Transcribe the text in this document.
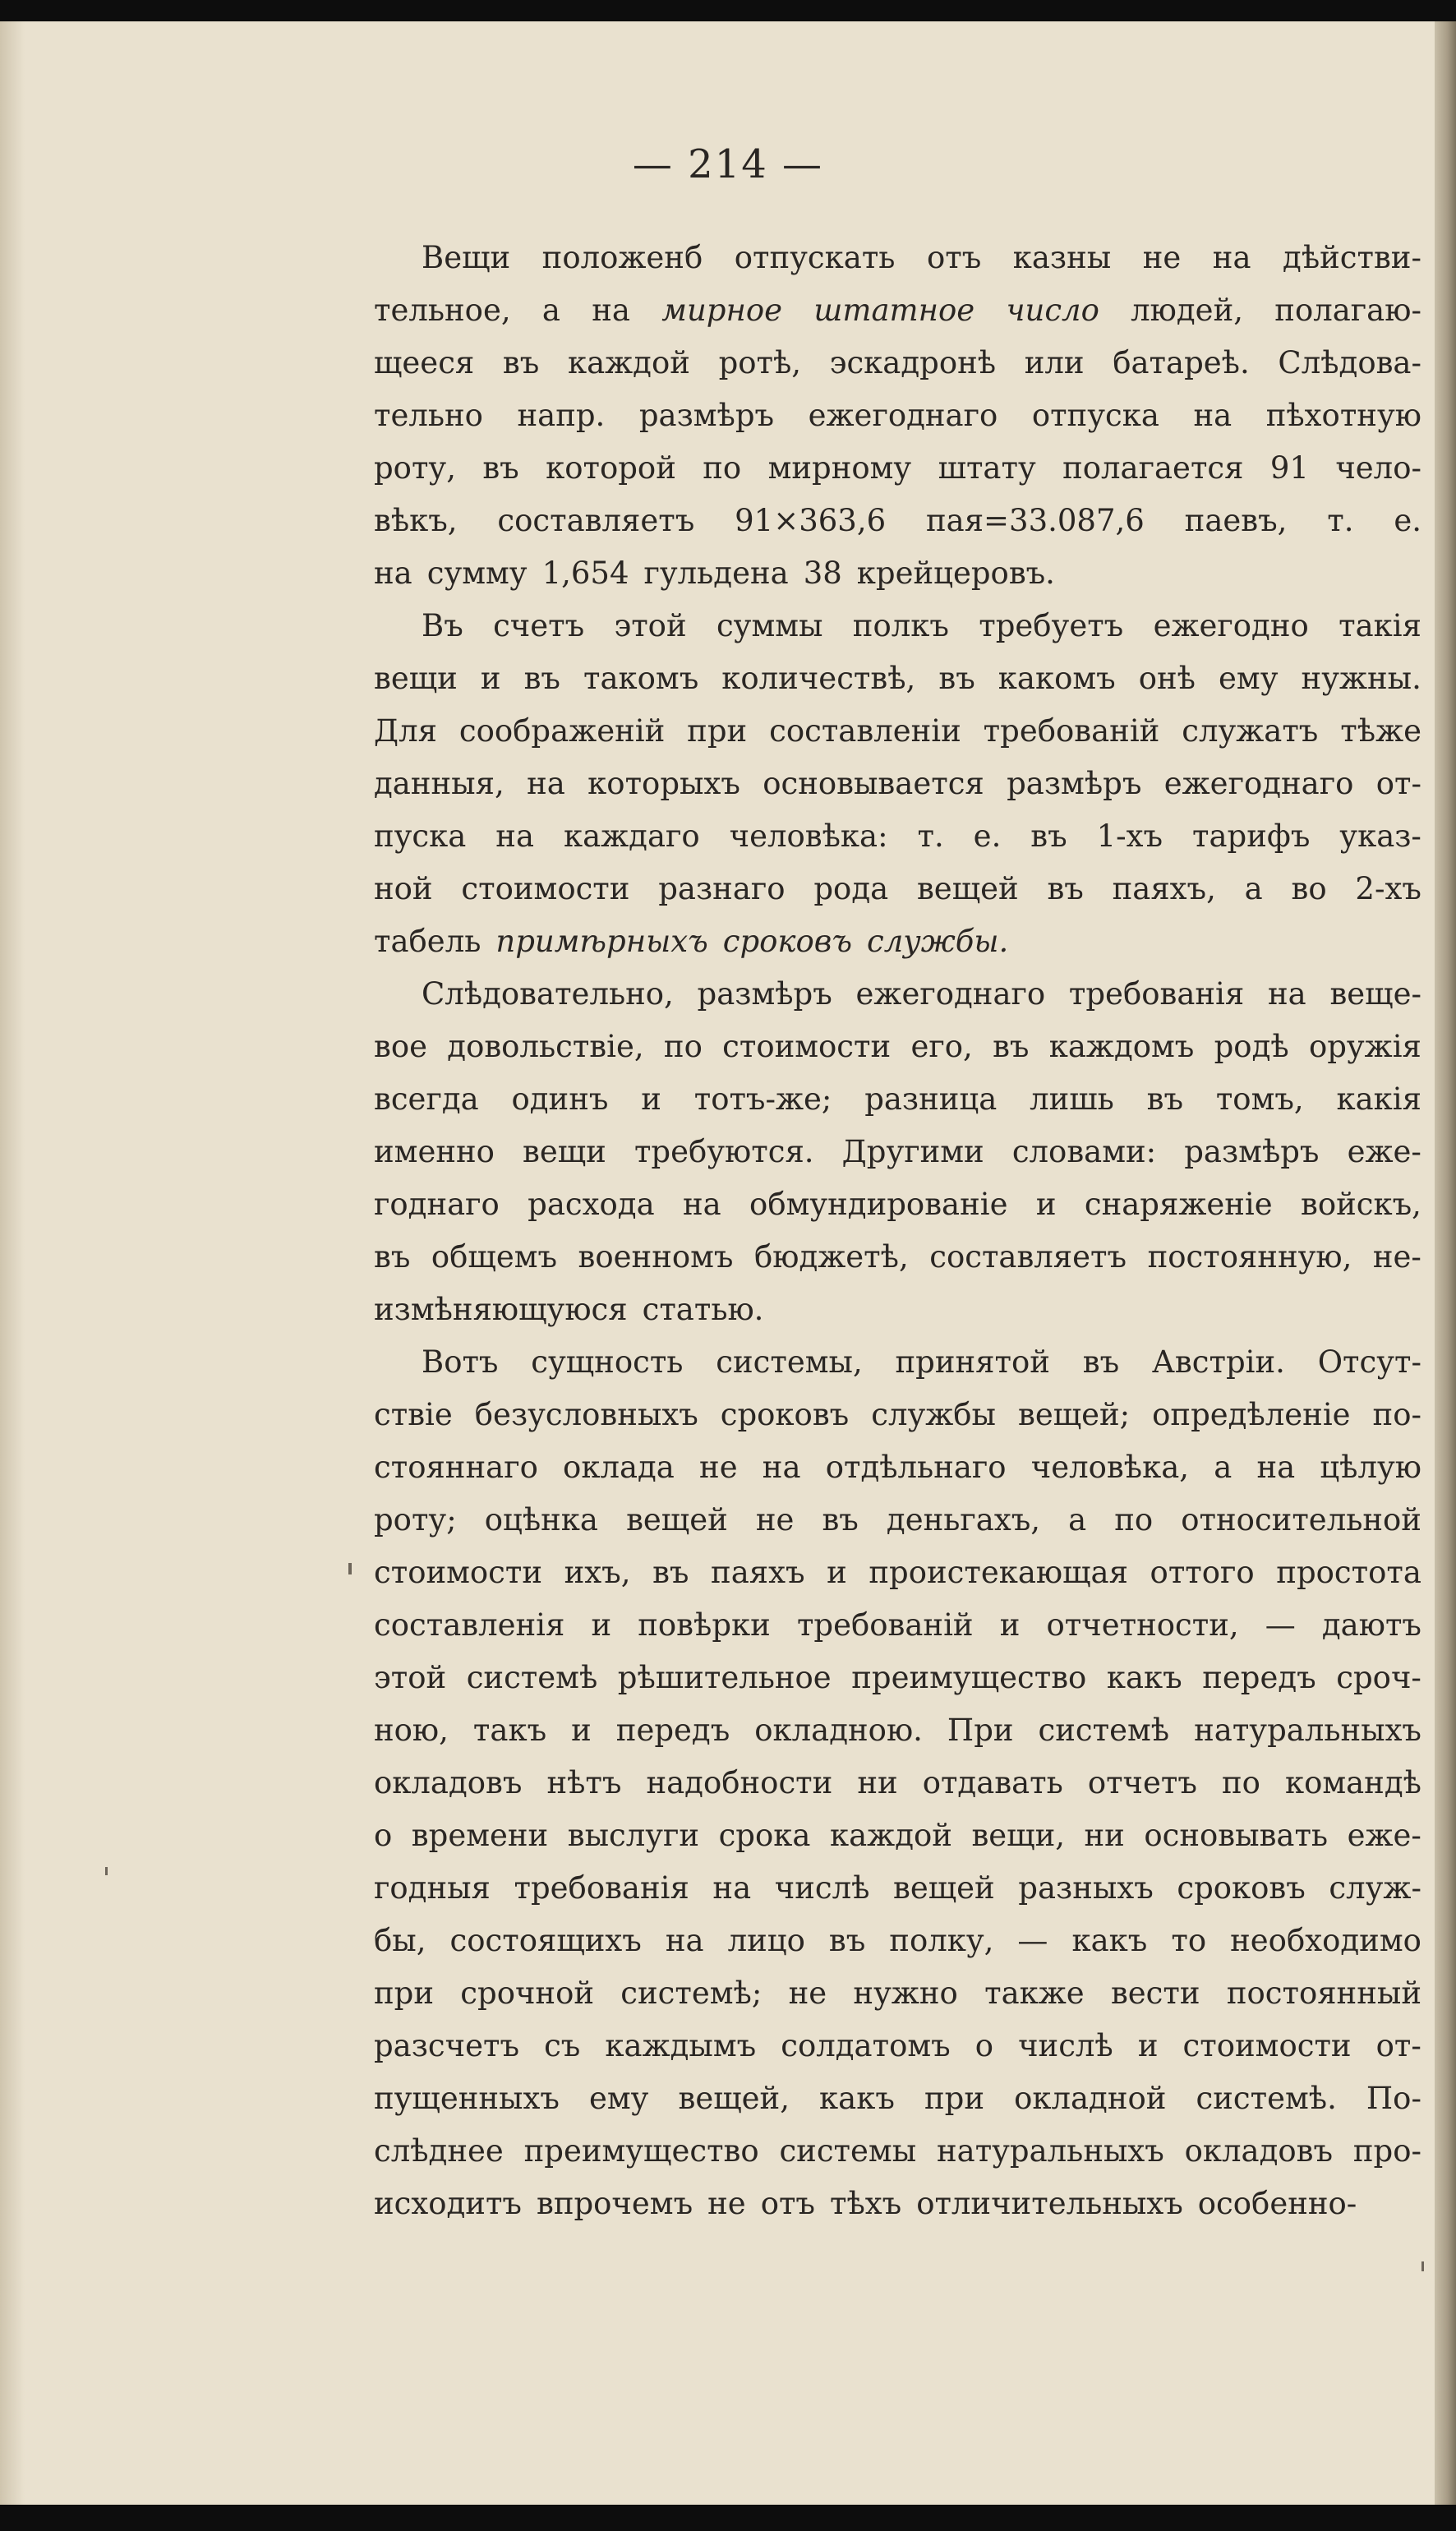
— 214 —
Вещи положенб отпускать отъ казны не на дѣйстви-
тельное, а на мирное штатное число людей, полагаю-
щееся въ каждой ротѣ, эскадронѣ или батареѣ. Слѣдова-
тельно напр. размѣръ ежегоднаго отпуска на пѣхотную
роту, въ которой по мирному штату полагается 91 чело-
вѣкъ, составляетъ 91×363,6 пая=33.087,6 паевъ, т. е.
на сумму 1,654 гульдена 38 крейцеровъ.
Въ счетъ этой суммы полкъ требуетъ ежегодно такія
вещи и въ такомъ количествѣ, въ какомъ онѣ ему нужны.
Для соображеній при составленіи требованій служатъ тѣже
данныя, на которыхъ основывается размѣръ ежегоднаго от-
пуска на каждаго человѣка: т. е. въ 1-хъ тарифъ указ-
ной стоимости разнаго рода вещей въ паяхъ, а во 2-хъ
табель примѣрныхъ сроковъ службы.
Слѣдовательно, размѣръ ежегоднаго требованія на веще-
вое довольствіе, по стоимости его, въ каждомъ родѣ оружія
всегда одинъ и тотъ-же; разница лишь въ томъ, какія
именно вещи требуются. Другими словами: размѣръ еже-
годнаго расхода на обмундированіе и снаряженіе войскъ,
въ общемъ военномъ бюджетѣ, составляетъ постоянную, не-
измѣняющуюся статью.
Вотъ сущность системы, принятой въ Австріи. Отсут-
ствіе безусловныхъ сроковъ службы вещей; опредѣленіе по-
стояннаго оклада не на отдѣльнаго человѣка, а на цѣлую
роту; оцѣнка вещей не въ деньгахъ, а по относительной
стоимости ихъ, въ паяхъ и проистекающая оттого простота
составленія и повѣрки требованій и отчетности, — даютъ
этой системѣ рѣшительное преимущество какъ передъ сроч-
ною, такъ и передъ окладною. При системѣ натуральныхъ
окладовъ нѣтъ надобности ни отдавать отчетъ по командѣ
о времени выслуги срока каждой вещи, ни основывать еже-
годныя требованія на числѣ вещей разныхъ сроковъ служ-
бы, состоящихъ на лицо въ полку, — какъ то необходимо
при срочной системѣ; не нужно также вести постоянный
разсчетъ съ каждымъ солдатомъ о числѣ и стоимости от-
пущенныхъ ему вещей, какъ при окладной системѣ. По-
слѣднее преимущество системы натуральныхъ окладовъ про-
исходитъ впрочемъ не отъ тѣхъ отличительныхъ особенно-
